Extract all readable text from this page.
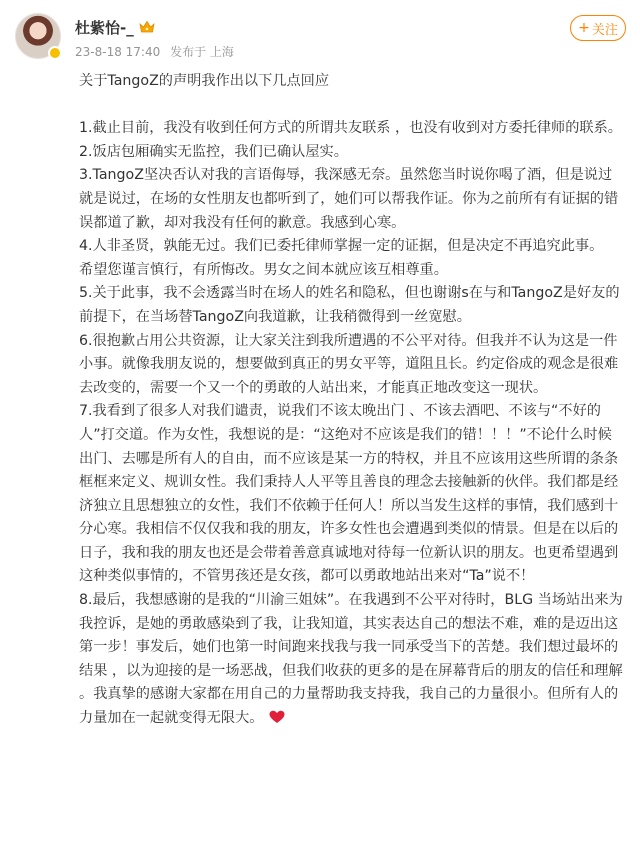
杜紫怡-_
23-8-18 17:40 发布于 上海
+ 关注

关于TangoZ的声明我作出以下几点回应

1.截止目前，我没有收到任何方式的所谓共友联系 ，也没有收到对方委托律师的联系。

2.饭店包厢确实无监控，我们已确认屋实。

3.TangoZ坚决否认对我的言语侮辱，我深感无奈。虽然您当时说你喝了酒，但是说过就是说过，在场的女性朋友也都听到了，她们可以帮我作证。你为之前所有有证据的错误都道了歉，却对我没有任何的歉意。我感到心寒。

4.人非圣贤，孰能无过。我们已委托律师掌握一定的证据，但是决定不再追究此事。

希望您谨言慎行，有所悔改。男女之间本就应该互相尊重。

5.关于此事，我不会透露当时在场人的姓名和隐私，但也谢谢s在与和TangoZ是好友的前提下，在当场替TangoZ向我道歉，让我稍微得到一丝宽慰。

6.很抱歉占用公共资源，让大家关注到我所遭遇的不公平对待。但我并不认为这是一件小事。就像我朋友说的，想要做到真正的男女平等，道阻且长。约定俗成的观念是很难去改变的，需要一个又一个的勇敢的人站出来，才能真正地改变这一现状。

7.我看到了很多人对我们谴责，说我们不该太晚出门 、不该去酒吧、不该与“不好的人”打交道。作为女性，我想说的是：“这绝对不应该是我们的错！！！”不论什么时候出门、去哪是所有人的自由，而不应该是某一方的特权，并且不应该用这些所谓的条条框框来定义、规训女性。我们秉持人人平等且善良的理念去接触新的伙伴。我们都是经济独立且思想独立的女性，我们不依赖于任何人！所以当发生这样的事情，我们感到十分心寒。我相信不仅仅我和我的朋友，许多女性也会遭遇到类似的情景。但是在以后的日子，我和我的朋友也还是会带着善意真诚地对待每一位新认识的朋友。也更希望遇到这种类似事情的，不管男孩还是女孩，都可以勇敢地站出来对“Ta”说不！

8.最后，我想感谢的是我的“川渝三姐妹”。在我遇到不公平对待时，BLG 当场站出来为我控诉，是她的勇敢感染到了我，让我知道，其实表达自己的想法不难，难的是迈出这第一步！事发后，她们也第一时间跑来找我与我一同承受当下的苦楚。我们想过最坏的结果 ，以为迎接的是一场恶战，但我们收获的更多的是在屏幕背后的朋友的信任和理解 。我真挚的感谢大家都在用自己的力量帮助我支持我，我自己的力量很小。但所有人的力量加在一起就变得无限大。
